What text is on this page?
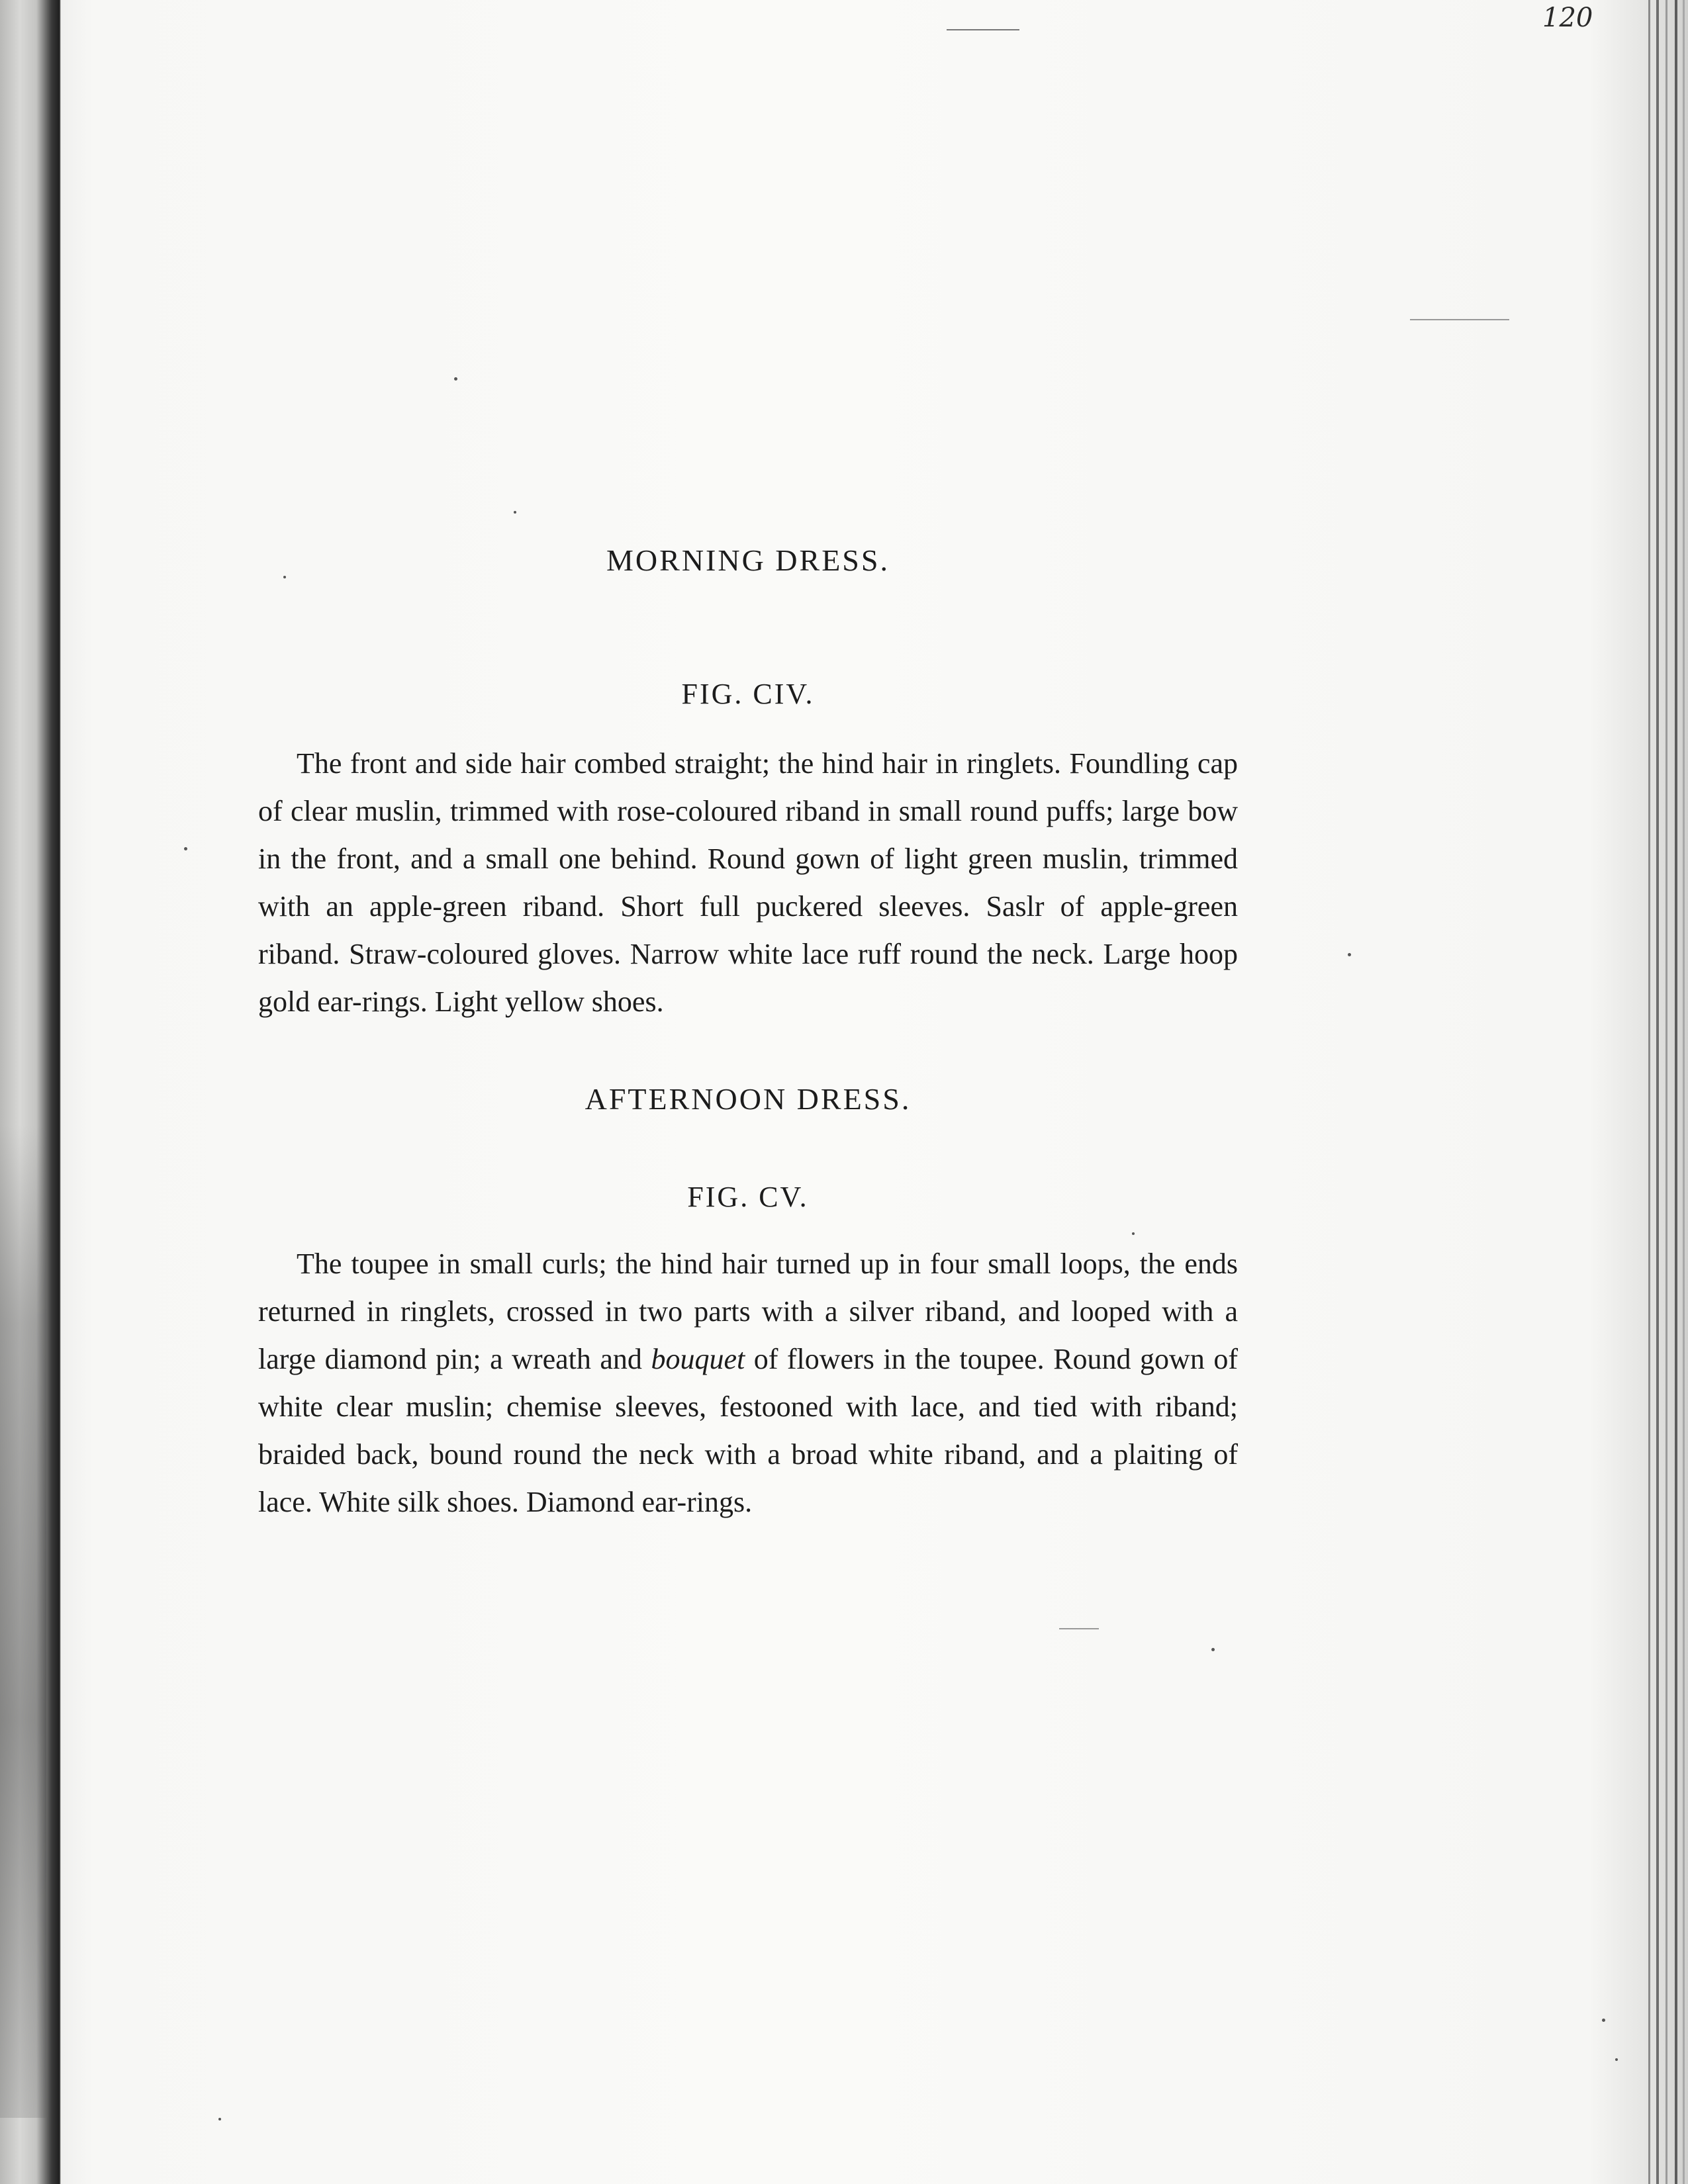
120
MORNING DRESS.
FIG. CIV.

The front and side hair combed straight; the hind hair in ringlets. Foundling cap of clear muslin, trimmed with rose-coloured riband in small round puffs; large bow in the front, and a small one behind. Round gown of light green muslin, trimmed with an apple-green riband. Short full puckered sleeves. Saslr of apple-green riband. Straw-coloured gloves. Narrow white lace ruff round the neck. Large hoop gold ear-rings. Light yellow shoes.

AFTERNOON DRESS.
FIG. CV.

The toupee in small curls; the hind hair turned up in four small loops, the ends returned in ringlets, crossed in two parts with a silver riband, and looped with a large diamond pin; a wreath and bouquet of flowers in the toupee. Round gown of white clear muslin; chemise sleeves, festooned with lace, and tied with riband; braided back, bound round the neck with a broad white riband, and a plaiting of lace. White silk shoes. Diamond ear-rings.
